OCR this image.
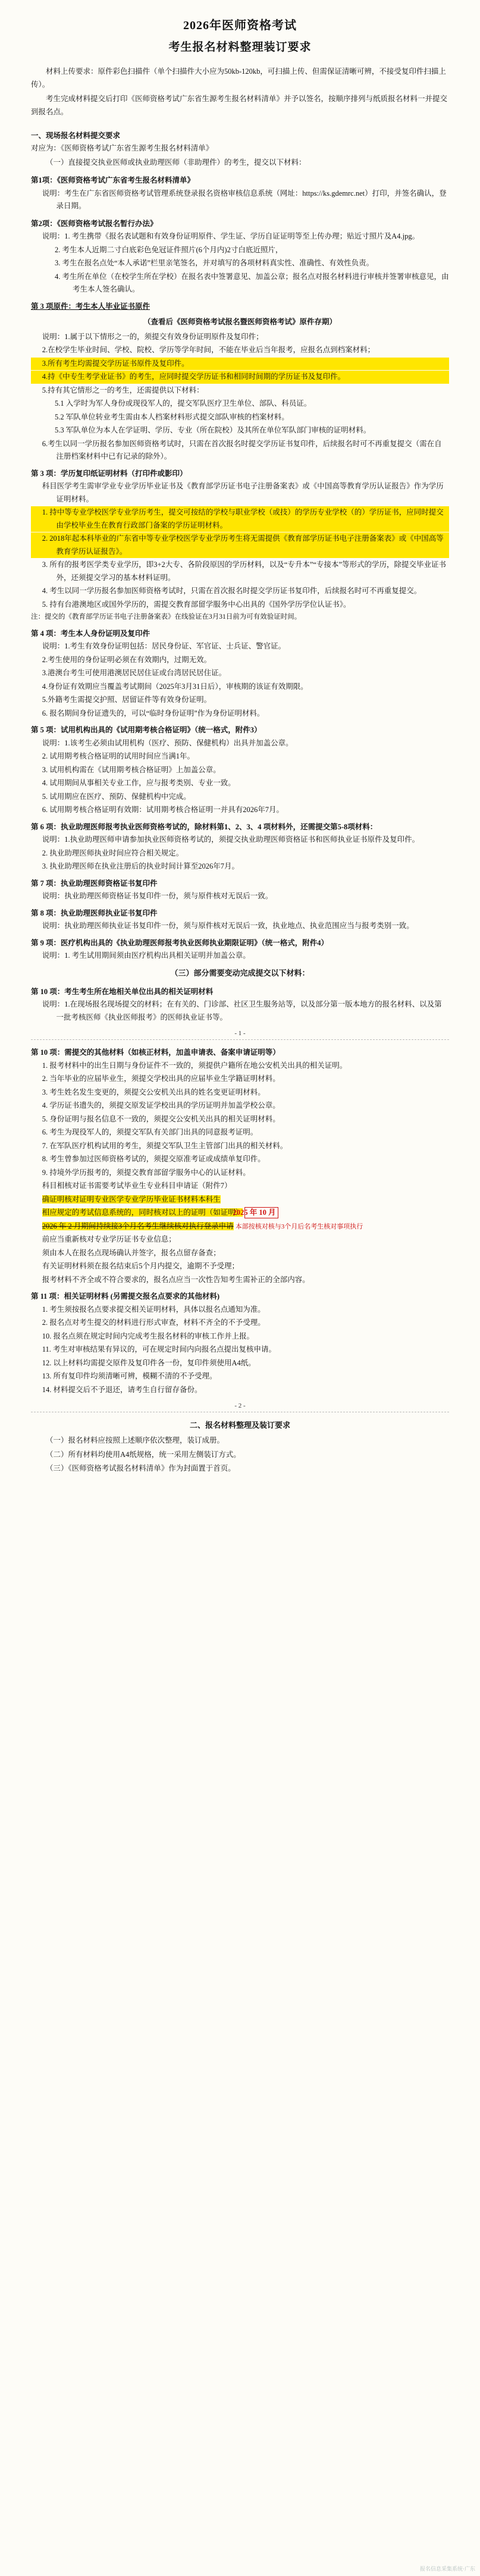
2026年医师资格考试
考生报名材料整理装订要求

材料上传要求：原件彩色扫描件（单个扫描件大小应为50kb-120kb，可扫描上传、但需保证清晰可辨，不接受复印件扫描上传）。

考生完成材料提交后打印《医师资格考试广东省生源考生报名材料清单》并予以签名，按顺序排列与纸质报名材料一并提交到报名点。

一、现场报名材料提交要求

对应为：《医师资格考试广东省生源考生报名材料清单》

（一）直接提交执业医师或执业助理医师（非助理件）的考生，提交以下材料：

第1项：《医师资格考试广东省考生报名材料清单》

说明：考生在广东省医师资格考试管理系统登录报名资格审核信息系统（网址：https://ks.gdemrc.net）打印，并签名确认，登录日期。

第2项：《医师资格考试报名暂行办法》

说明：1. 考生携带《报名表试题和有效身份证明原件、学生证、学历自证证明等至上传办理；贴近寸照片及A4.jpg。

2. 考生本人近期二寸白底彩色免冠证件照片(6个月内)2寸白底近照片，

3. 考生在报名点处“本人承诺”栏里亲笔签名，并对填写的各项材料真实性、准确性、有效性负责。

4. 考生所在单位（在校学生所在学校）在报名表中签署意见、加盖公章；报名点对报名材料进行审核并签署审核意见，由考生本人签名确认。

第 3 项原件：考生本人毕业证书原件

（查看后《医师资格考试报名暨医师资格考试》原件存期）

说明：1.属于以下情形之一的，须提交有效身份证明原件及复印件；

2.在校学生毕业时间、学校、院校、学历等学年时间，不能在毕业后当年报考，应报名点到档案材料；

3.所有考生均需提交学历证书原件及复印件。

4.持《中专生考学业证书》的考生，应同时提交学历证书和相同时间期的学历证书及复印件。

5.持有其它情形之一的考生，还需提供以下材料：

5.1 入学时为军人身份或现役军人的，提交军队医疗卫生单位、部队、科员证。

5.2 军队单位转业考生需由本人档案材料形式提交部队审核的档案材料。

5.3 军队单位为本人在学证明、学历、专业（所在院校）及其所在单位军队部门审核的证明材料。

6.考生以同一学历报名参加医师资格考试时，只需在首次报名时提交学历证书复印件，后续报名时可不再重复提交（需在自注册档案材料中已有记录的除外）。

第 3 项：学历复印纸证明材料（打印件或影印）

科目医学考生需审学业专业学历毕业证书及《教育部学历证书电子注册备案表》或《中国高等教育学历认证报告》作为学历证明材料。

1. 持中等专业学校医学专业学历考生，提交可按结的学校与职业学校（或技）的学历专业学校（的）学历证书，应同时提交由学校毕业生在教育行政部门备案的学历证明材料。

2. 2018年起本科毕业的广东省中等专业学校医学专业学历考生将无需提供《教育部学历证书电子注册备案表》或《中国高等教育学历认证报告》。

3. 所有的报考医学类专业学历，即3+2大专、各阶段原因的学历材料，以及“专升本”“专接本”等形式的学历，除提交毕业证书外，还须提交学习的基本材料证明。

4. 考生以同一学历报名参加医师资格考试时，只需在首次报名时提交学历证书复印件，后续报名时可不再重复提交。

5. 持有台港澳地区或国外学历的，需提交教育部留学服务中心出具的《国外学历学位认证书》。

注：提交的《教育部学历证书电子注册备案表》在线验证在3月31日前为可有效验证时间。

第 4 项：考生本人身份证明及复印件

说明：1.考生有效身份证明包括：居民身份证、军官证、士兵证、警官证。

2.考生使用的身份证明必须在有效期内，过期无效。

3.港澳台考生可使用港澳居民居住证或台湾居民居住证。

4.身份证有效期应当覆盖考试期间（2025年3月31日后），审核期的该证有效期限。

5.外籍考生需提交护照、居留证件等有效身份证明。

6. 报名期间身份证遗失的，可以“临时身份证明”作为身份证明材料。

第 5 项：试用机构出具的《试用期考核合格证明》（统一格式，附件3）

说明：1.该考生必须由试用机构（医疗、预防、保健机构）出具并加盖公章。

2. 试用期考核合格证明的试用时间应当满1年。

3. 试用机构需在《试用期考核合格证明》上加盖公章。

4. 试用期间从事相关专业工作，应与报考类别、专业一致。

5. 试用期应在医疗、预防、保健机构中完成。

6. 试用期考核合格证明有效期：试用期考核合格证明一并具有2026年7月。

第 6 项：执业助理医师报考执业医师资格考试的，除材料第1、2、3、4 项材料外，还需提交第5-8项材料：

说明：1.执业助理医师申请参加执业医师资格考试的，须提交执业助理医师资格证书和医师执业证书原件及复印件。

2. 执业助理医师执业时间应符合相关规定。

3. 执业助理医师在执业注册后的执业时间计算至2026年7月。

第 7 项：执业助理医师资格证书复印件

说明：执业助理医师资格证书复印件一份，须与原件核对无误后一致。

第 8 项：执业助理医师执业证书复印件

说明：执业助理医师执业证书复印件一份，须与原件核对无误后一致，执业地点、执业范围应当与报考类别一致。

第 9 项：医疗机构出具的《执业助理医师报考执业医师执业期限证明》（统一格式，附件4）

说明：1. 考生试用期间须由医疗机构出具相关证明并加盖公章。

（三）部分需要变动完成提交以下材料：

第 10 项：考生考生所在地相关单位出具的相关证明材料

说明：1.在现场报名现场提交的材料；在有关的、门诊部、社区卫生服务站等，以及部分第一版本地方的报名材料、以及第一批考核医师《执业医师报考》的医师执业证书等。

- 1 -

第 10 项：需提交的其他材料（如核正材料，加盖申请表、备案申请证明等）

1. 报考材料中的出生日期与身份证件不一致的，须提供户籍所在地公安机关出具的相关证明。

2. 当年毕业的应届毕业生，须提交学校出具的应届毕业生学籍证明材料。

3. 考生姓名发生变更的，须提交公安机关出具的姓名变更证明材料。

4. 学历证书遗失的，须提交原发证学校出具的学历证明并加盖学校公章。

5. 身份证明与报名信息不一致的，须提交公安机关出具的相关证明材料。

6. 考生为现役军人的，须提交军队有关部门出具的同意报考证明。

7. 在军队医疗机构试用的考生，须提交军队卫生主管部门出具的相关材料。

8. 考生曾参加过医师资格考试的，须提交原准考证或成绩单复印件。

9. 持境外学历报考的，须提交教育部留学服务中心的认证材料。

科目相核对证书需要考试毕业生专业科目申请证（附件7）

确证明核对证明专业医学专业学历毕业证书材料本科生

相应规定的考试信息系统的，同时核对以上的证明（如证明） 2025 年 10 月

2026 年 2 月期间持续接3个月名考生继续核对执行登录申请 本部按核对核与3个月后名考生核对事项执行

前应当重新核对专业学历证书专业信息；

须由本人在报名点现场确认并签字，报名点留存备查；

有关证明材料须在报名结束后5个月内提交，逾期不予受理；

报考材料不齐全或不符合要求的，报名点应当一次性告知考生需补正的全部内容。

第 11 项：相关证明材料 (另需提交报名点要求的其他材料)

1. 考生须按报名点要求提交相关证明材料，具体以报名点通知为准。

2. 报名点对考生提交的材料进行形式审查，材料不齐全的不予受理。

10. 报名点须在规定时间内完成考生报名材料的审核工作并上报。

11. 考生对审核结果有异议的，可在规定时间内向报名点提出复核申请。

12. 以上材料均需提交原件及复印件各一份，复印件须使用A4纸。

13. 所有复印件均须清晰可辨，模糊不清的不予受理。

14. 材料提交后不予退还，请考生自行留存备份。

- 2 -

二、报名材料整理及装订要求

（一）报名材料应按照上述顺序依次整理，装订成册。

（二）所有材料均使用A4纸规格，统一采用左侧装订方式。

（三）《医师资格考试报名材料清单》作为封面置于首页。

报名信息采集系统·广东
